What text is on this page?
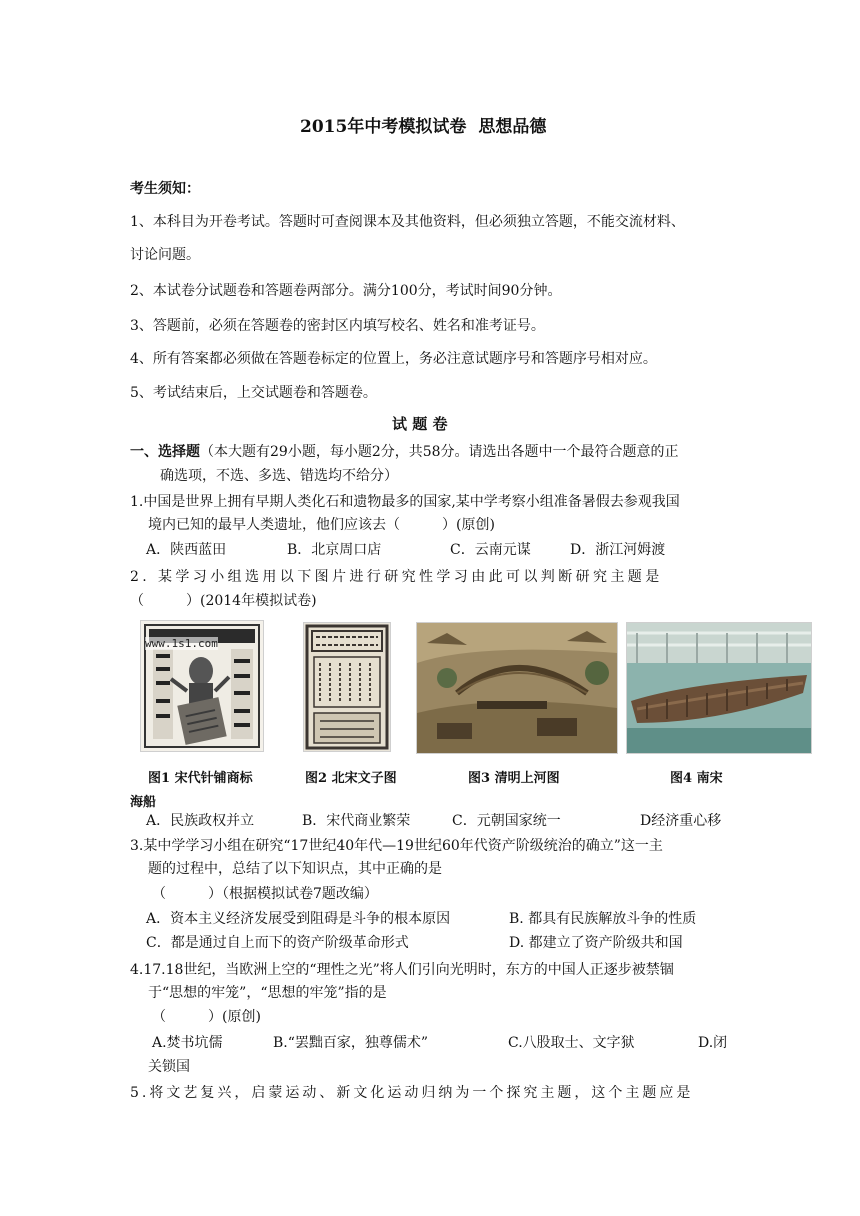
2015年中考模拟试卷 思想品德
考生须知：
1、本科目为开卷考试。答题时可查阅课本及其他资料，但必须独立答题，不能交流材料、
讨论问题。
2、本试卷分试题卷和答题卷两部分。满分100分，考试时间90分钟。
3、答题前，必须在答题卷的密封区内填写校名、姓名和准考证号。
4、所有答案都必须做在答题卷标定的位置上，务必注意试题序号和答题序号相对应。
5、考试结束后，上交试题卷和答题卷。
试 题 卷
一、选择题（本大题有29小题，每小题2分，共58分。请选出各题中一个最符合题意的正
确选项，不选、多选、错选均不给分）
1.中国是世界上拥有早期人类化石和遗物最多的国家,某中学考察小组准备暑假去参观我国
境内已知的最早人类遗址，他们应该去（　　　）(原创)
A．陕西蓝田	B．北京周口店	C．云南元谋	D．浙江河姆渡
2. 某学习小组选用以下图片进行研究性学习由此可以判断研究主题是
（　　　）(2014年模拟试卷)
www.1s1.com
图1 宋代针铺商标	图2 北宋文子图	图3 清明上河图	图4 南宋
海船
A．民族政权并立	B．宋代商业繁荣	C．元朝国家统一	D经济重心移
3.某中学学习小组在研究“17世纪40年代—19世纪60年代资产阶级统治的确立”这一主
题的过程中，总结了以下知识点，其中正确的是
（　　　）（根据模拟试卷7题改编）
A．资本主义经济发展受到阻碍是斗争的根本原因	B. 都具有民族解放斗争的性质
C．都是通过自上而下的资产阶级革命形式	D. 都建立了资产阶级共和国
4.17.18世纪，当欧洲上空的“理性之光”将人们引向光明时，东方的中国人正逐步被禁锢
于“思想的牢笼”，“思想的牢笼”指的是
（　　　）(原创)
A.焚书坑儒	B.“罢黜百家，独尊儒术”	C.八股取士、文字狱	D.闭
关锁国
5.将文艺复兴，启蒙运动、新文化运动归纳为一个探究主题，这个主题应是
